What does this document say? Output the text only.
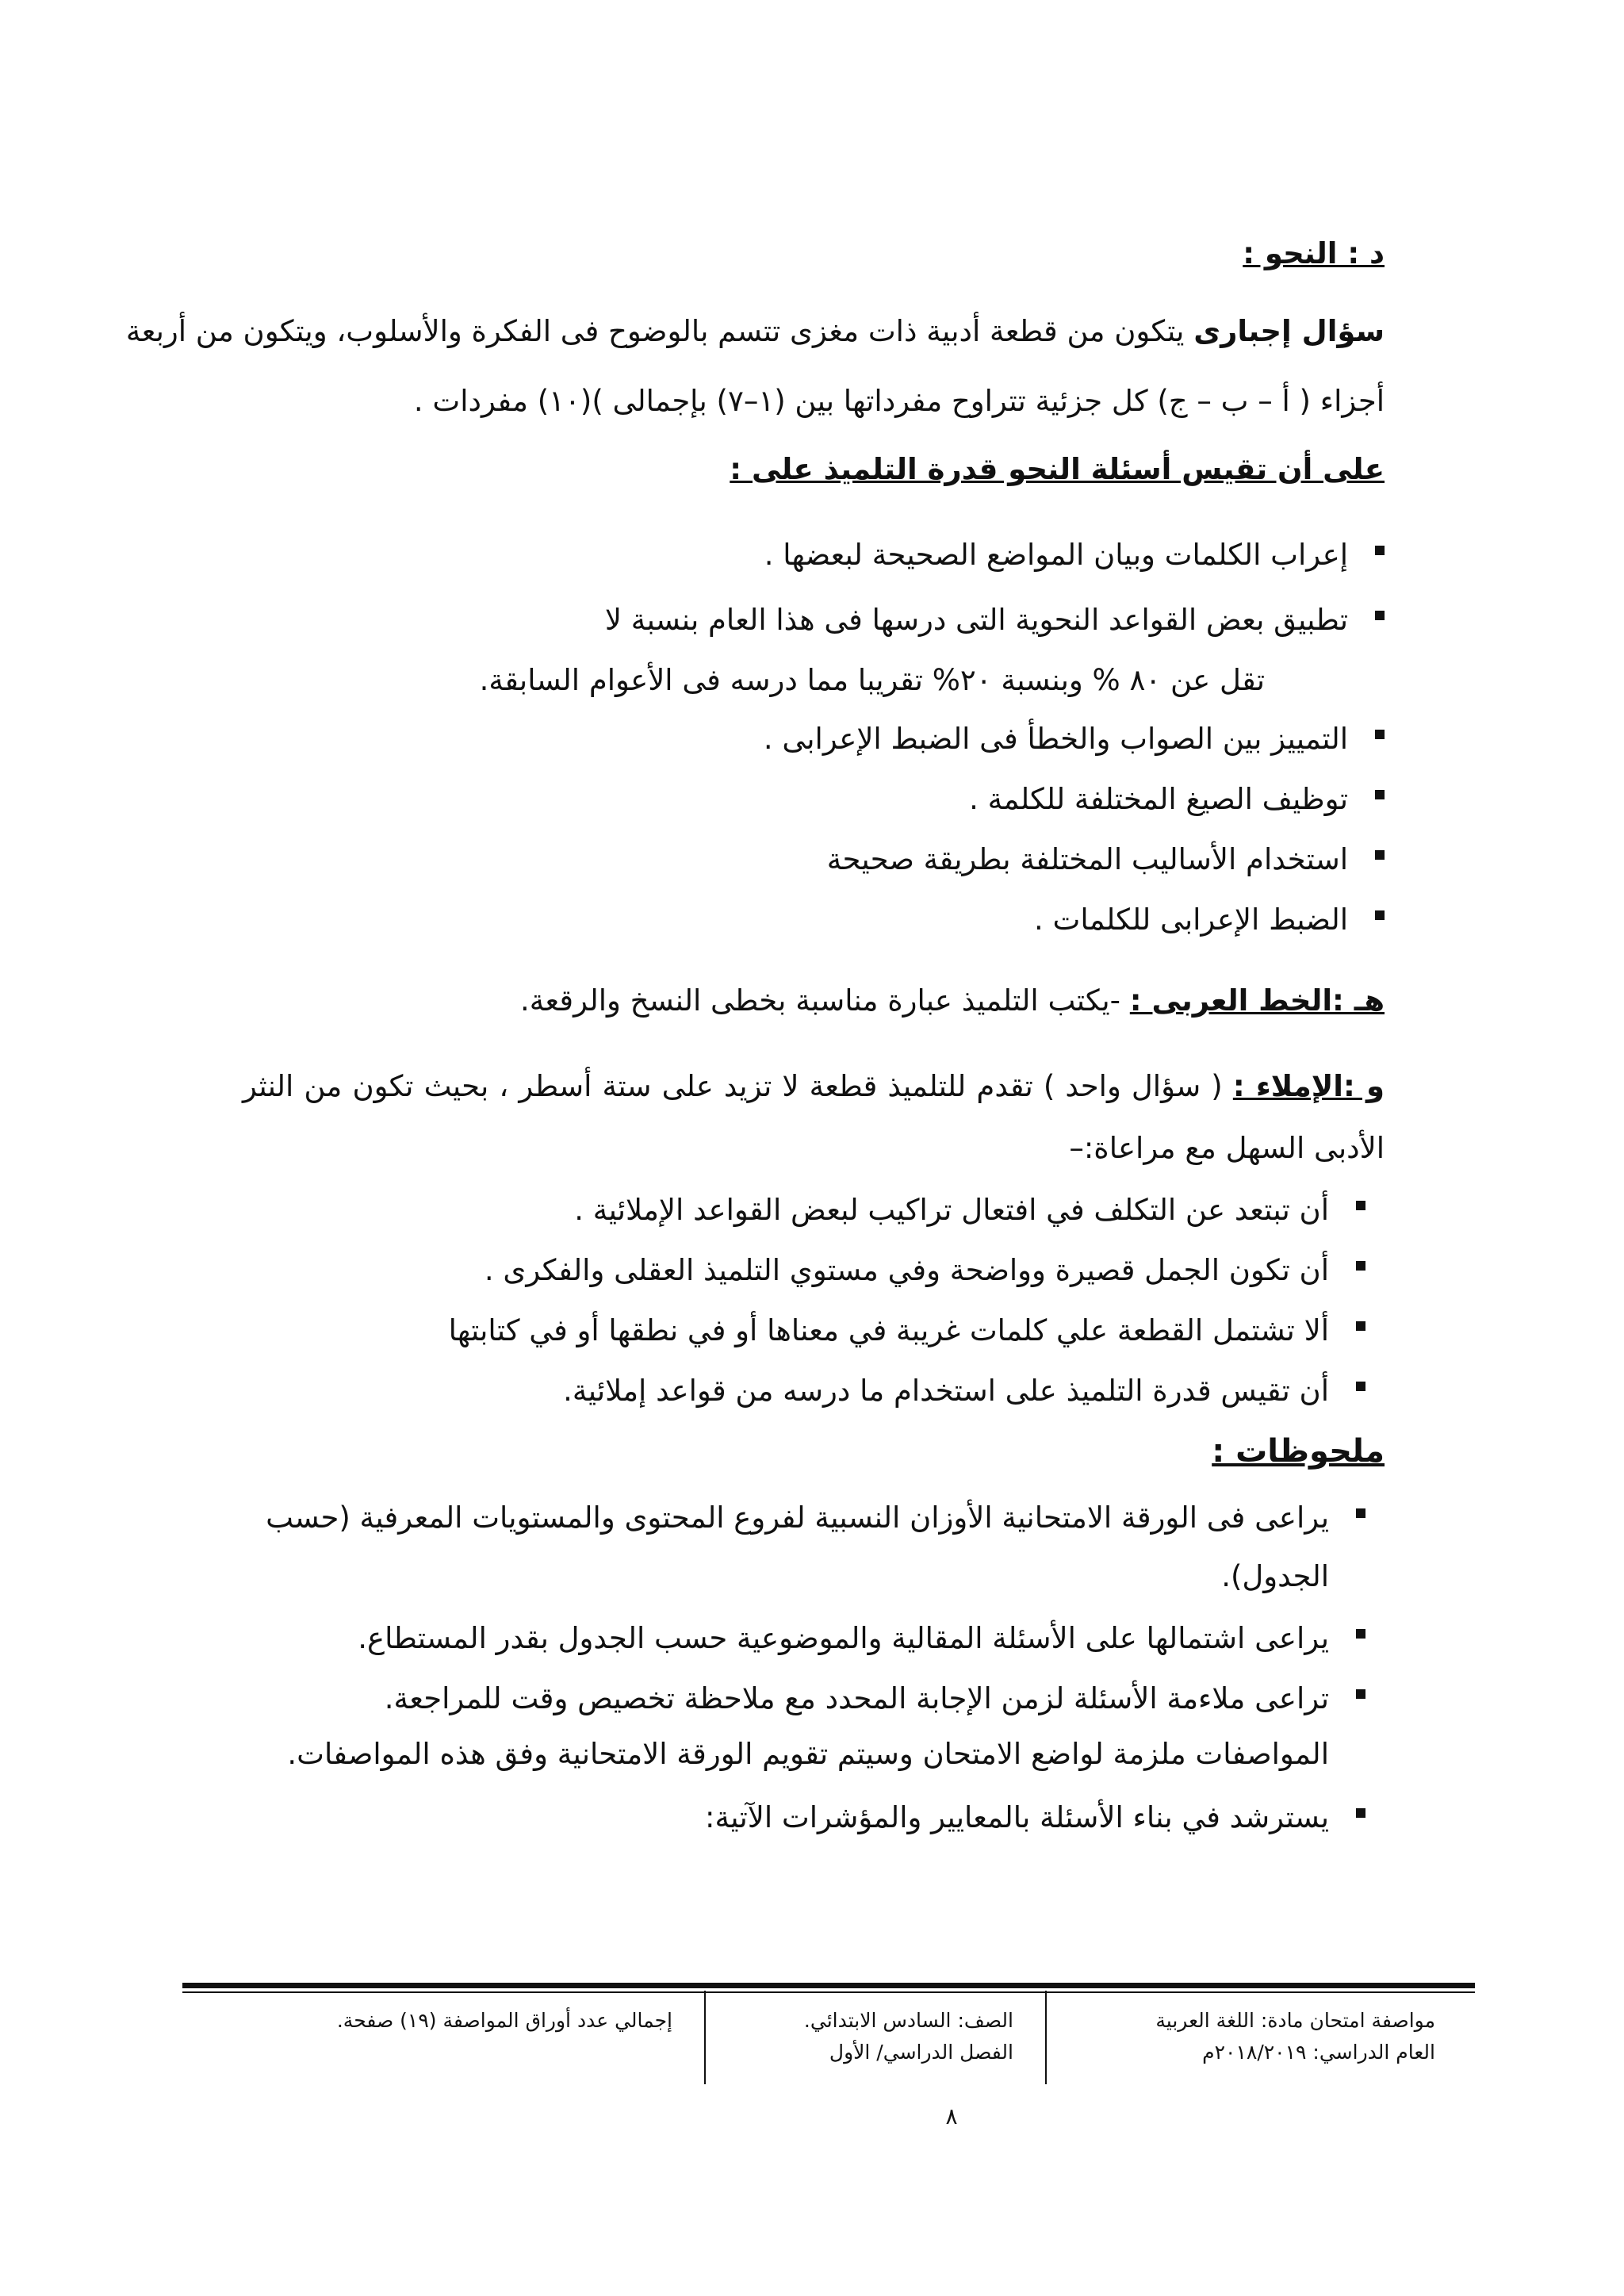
د : النحو :
سؤال إجبارى يتكون من قطعة أدبية ذات مغزى تتسم بالوضوح فى الفكرة والأسلوب، ويتكون من أربعة
أجزاء ( أ – ب – ج) كل جزئية تتراوح مفرداتها بين (١–٧) بإجمالى )(١٠) مفردات .
على أن تقيس أسئلة النحو قدرة التلميذ على :
إعراب الكلمات وبيان المواضع الصحيحة لبعضها .
تطبيق بعض القواعد النحوية التى درسها فى هذا العام بنسبة لا
تقل عن ٨٠ % وبنسبة ٢٠% تقريبا مما درسه فى الأعوام السابقة.
التمييز بين الصواب والخطأ فى الضبط الإعرابى .
توظيف الصيغ المختلفة للكلمة .
استخدام الأساليب المختلفة بطريقة صحيحة
الضبط الإعرابى للكلمات .
هـ :الخط العربى : -يكتب التلميذ عبارة مناسبة بخطى النسخ والرقعة.
و :الإملاء : ( سؤال واحد ) تقدم للتلميذ قطعة لا تزيد على ستة أسطر ، بحيث تكون من النثر
الأدبى السهل مع مراعاة:–
أن تبتعد عن التكلف في افتعال تراكيب لبعض القواعد الإملائية .
أن تكون الجمل قصيرة وواضحة وفي مستوي التلميذ العقلى والفكرى .
ألا تشتمل القطعة علي كلمات غريبة في معناها أو في نطقها أو في كتابتها
أن تقيس قدرة التلميذ على استخدام ما درسه من قواعد إملائية.
ملحوظات :
يراعى فى الورقة الامتحانية الأوزان النسبية لفروع المحتوى والمستويات المعرفية (حسب
الجدول).
يراعى اشتمالها على الأسئلة المقالية والموضوعية حسب الجدول بقدر المستطاع.
تراعى ملاءمة الأسئلة لزمن الإجابة المحدد مع ملاحظة تخصيص وقت للمراجعة.
المواصفات ملزمة لواضع الامتحان وسيتم تقويم الورقة الامتحانية وفق هذه المواصفات.
يسترشد في بناء الأسئلة بالمعايير والمؤشرات الآتية:
مواصفة امتحان مادة: اللغة العربية
العام الدراسي: ٢٠١٨/٢٠١٩م
الصف: السادس الابتدائي.
الفصل الدراسي/ الأول
إجمالي عدد أوراق المواصفة (١٩) صفحة.
٨
